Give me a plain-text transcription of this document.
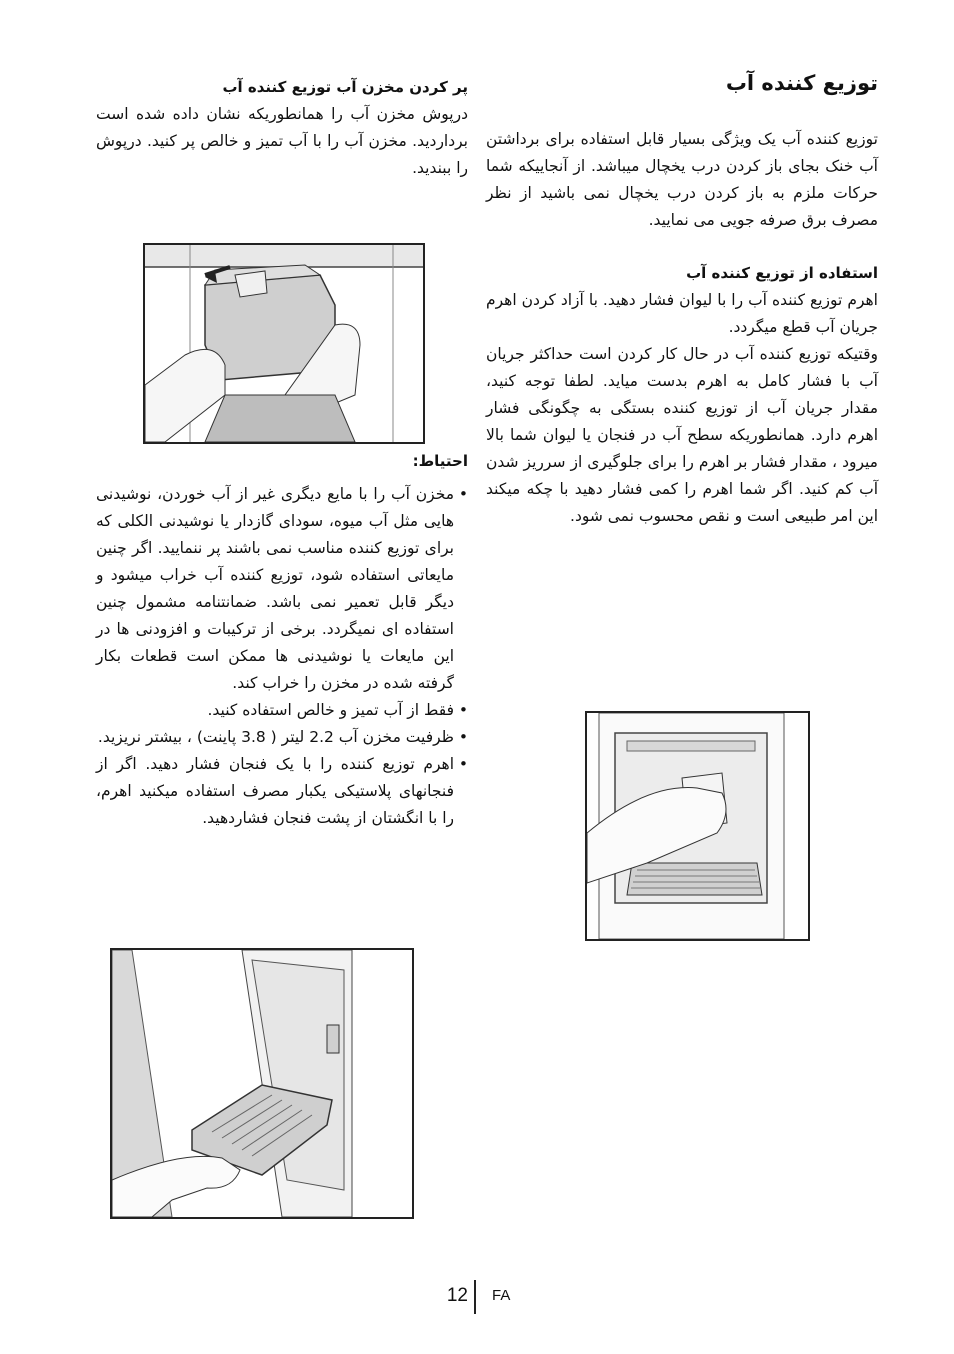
توزیع کننده آب

توزیع کننده آب یک ویژگی بسیار قابل استفاده برای برداشتن آب خنک بجای باز کردن درب یخچال میباشد. از آنجاییکه شما حرکات ملزم به باز کردن درب یخچال نمی باشید از نظر مصرف برق صرفه جویی می نمایید.

استفاده از توزیع کننده آب

اهرم توزیع کننده آب را با لیوان فشار دهید. با آزاد کردن اهرم جریان آب قطع میگردد.

وقتیکه توزیع کننده آب در حال کار کردن است حداکثر جریان آب با فشار کامل به اهرم بدست میاید. لطفا توجه کنید، مقدار جریان آب از توزیع کننده بستگی به چگونگی فشار اهرم دارد. همانطوریکه سطح آب در فنجان یا لیوان شما بالا میرود ، مقدار فشار بر اهرم را برای جلوگیری از سرریز شدن آب کم کنید. اگر شما اهرم را کمی فشار دهید با چکه میکند این امر طبیعی است و نقص محسوب نمی شود.

پر کردن مخزن آب توزیع کننده آب

درپوش مخزن آب را همانطوریکه نشان داده شده است برداردید. مخزن آب را با آب تمیز و خالص پر کنید. درپوش را ببندید.

احتیاط:
• مخزن آب را با مایع دیگری غیر از آب خوردن، نوشیدنی هایی مثل آب میوه، سودای گازدار یا نوشیدنی الکلی که برای توزیع کننده مناسب نمی باشند پر ننمایید. اگر چنین مایعاتی استفاده شود، توزیع کننده آب خراب میشود و دیگر قابل تعمیر نمی باشد. ضمانتنامه مشمول چنین استفاده ای نمیگردد. برخی از ترکیبات و افزودنی ها در این مایعات یا نوشیدنی ها ممکن است قطعات بکار گرفته شده در مخزن را خراب کند.
• فقط از آب تمیز و خالص استفاده کنید.
• ظرفیت مخزن آب 2.2 لیتر ( 3.8 پاینت) ، بیشتر نریزید.
• اهرم توزیع کننده را با یک فنجان فشار دهید. اگر از فنجانهای پلاستیکی یکبار مصرف استفاده میکنید اهرم، را با انگشتان از پشت فنجان فشاردهید.
12 FA
